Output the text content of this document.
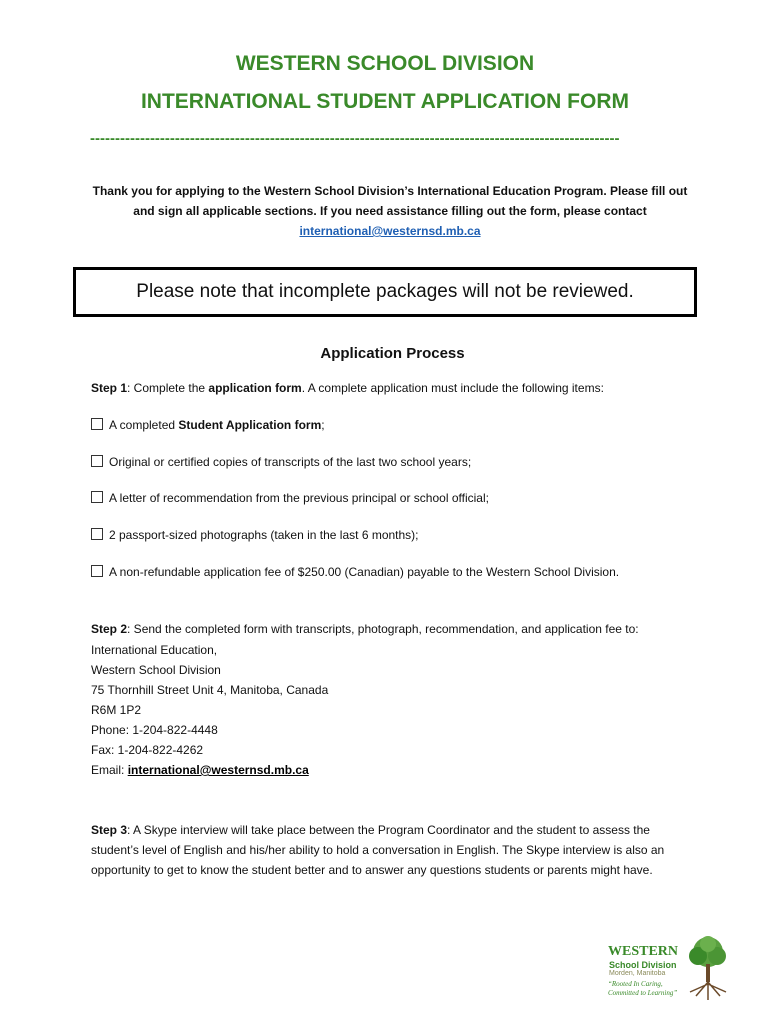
WESTERN SCHOOL DIVISION
INTERNATIONAL STUDENT APPLICATION FORM
----------------------------------------------------------------------------------------------------------
Thank you for applying to the Western School Division’s International Education Program. Please fill out and sign all applicable sections. If you need assistance filling out the form, please contact
international@westernsd.mb.ca
Please note that incomplete packages will not be reviewed.
Application Process
Step 1: Complete the application form. A complete application must include the following items:
A completed Student Application form;
Original or certified copies of transcripts of the last two school years;
A letter of recommendation from the previous principal or school official;
2 passport-sized photographs (taken in the last 6 months);
A non-refundable application fee of $250.00 (Canadian) payable to the Western School Division.
Step 2: Send the completed form with transcripts, photograph, recommendation, and application fee to:
International Education,
Western School Division
75 Thornhill Street Unit 4, Manitoba, Canada
R6M 1P2
Phone: 1-204-822-4448
Fax: 1-204-822-4262
Email: international@westernsd.mb.ca
Step 3: A Skype interview will take place between the Program Coordinator and the student to assess the student’s level of English and his/her ability to hold a conversation in English. The Skype interview is also an opportunity to get to know the student better and to answer any questions students or parents might have.
WESTERN
School Division
Morden, Manitoba
“Rooted In Caring,
Committed to Learning”
